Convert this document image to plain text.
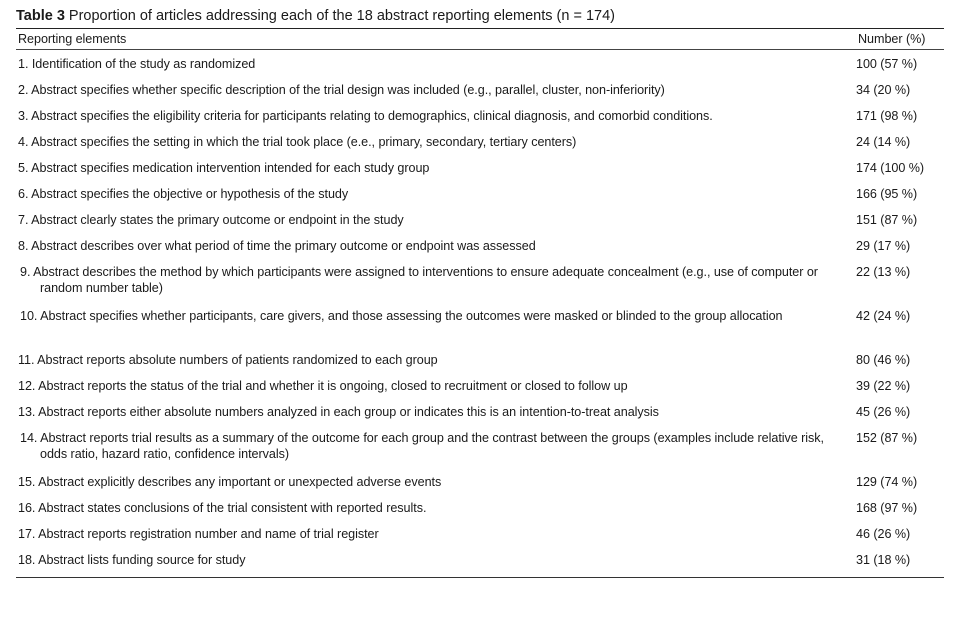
Table 3 Proportion of articles addressing each of the 18 abstract reporting elements (n = 174)
Reporting elements	Number (%)
1. Identification of the study as randomized	100 (57 %)
2. Abstract specifies whether specific description of the trial design was included (e.g., parallel, cluster, non-inferiority)	34 (20 %)
3. Abstract specifies the eligibility criteria for participants relating to demographics, clinical diagnosis, and comorbid conditions.	171 (98 %)
4. Abstract specifies the setting in which the trial took place (e.e., primary, secondary, tertiary centers)	24 (14 %)
5. Abstract specifies medication intervention intended for each study group	174 (100 %)
6. Abstract specifies the objective or hypothesis of the study	166 (95 %)
7. Abstract clearly states the primary outcome or endpoint in the study	151 (87 %)
8. Abstract describes over what period of time the primary outcome or endpoint was assessed	29 (17 %)
9. Abstract describes the method by which participants were assigned to interventions to ensure adequate concealment (e.g., use of computer or random number table)
22 (13 %)
10. Abstract specifies whether participants, care givers, and those assessing the outcomes were masked or blinded to the group allocation	42 (24 %)
11. Abstract reports absolute numbers of patients randomized to each group	80 (46 %)
12. Abstract reports the status of the trial and whether it is ongoing, closed to recruitment or closed to follow up	39 (22 %)
13. Abstract reports either absolute numbers analyzed in each group or indicates this is an intention-to-treat analysis	45 (26 %)
14. Abstract reports trial results as a summary of the outcome for each group and the contrast between the groups (examples include relative risk, odds ratio, hazard ratio, confidence intervals)
152 (87 %)
15. Abstract explicitly describes any important or unexpected adverse events	129 (74 %)
16. Abstract states conclusions of the trial consistent with reported results.	168 (97 %)
17. Abstract reports registration number and name of trial register	46 (26 %)
18. Abstract lists funding source for study	31 (18 %)
